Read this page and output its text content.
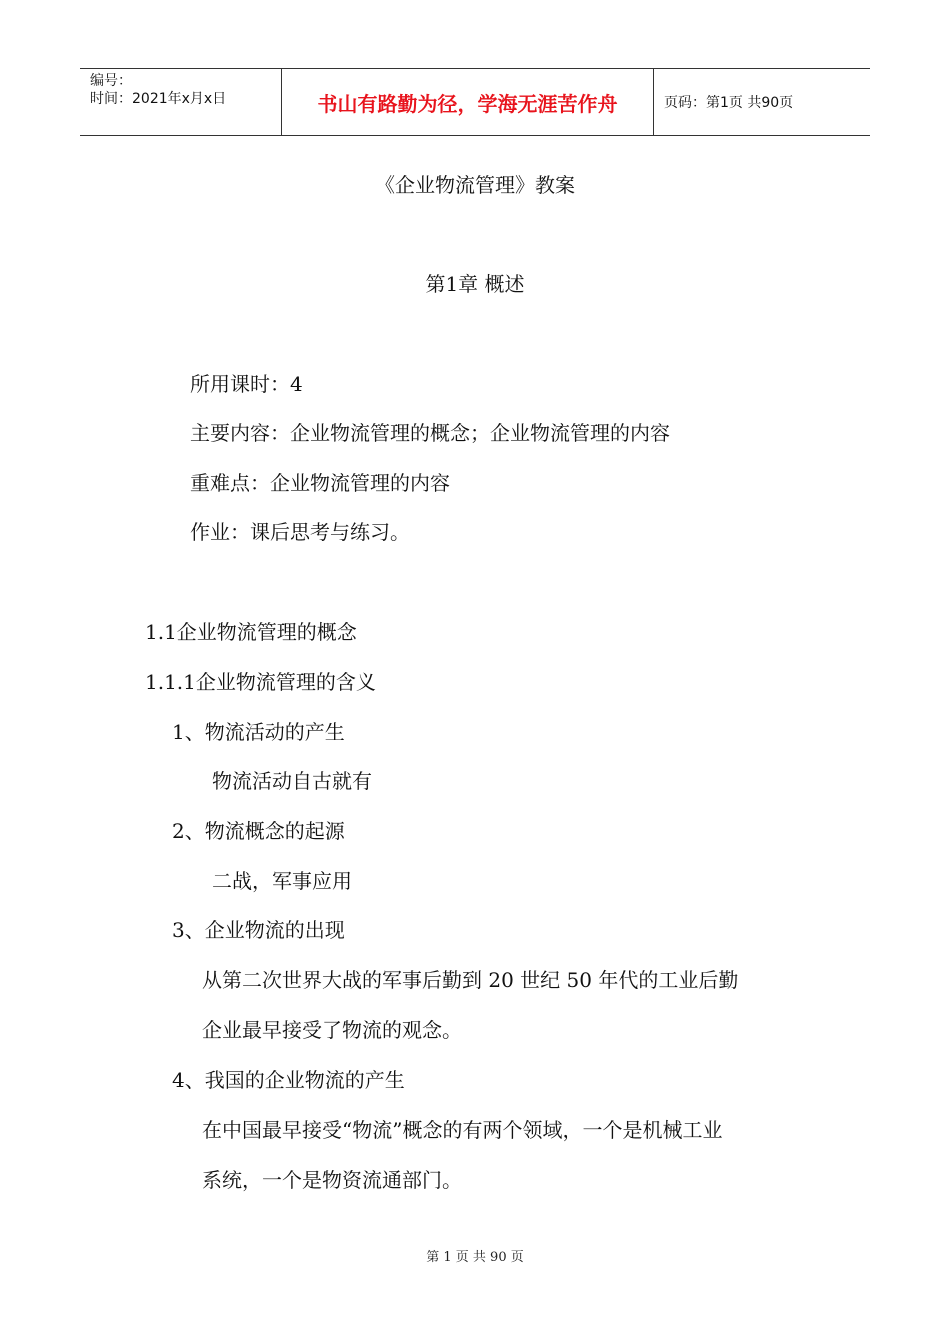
编号：
时间：2021年x月x日	书山有路勤为径，学海无涯苦作舟	页码：第1页 共90页
《企业物流管理》教案
第1章 概述
所用课时：4
主要内容：企业物流管理的概念；企业物流管理的内容
重难点：企业物流管理的内容
作业：课后思考与练习。
1.1企业物流管理的概念
1.1.1企业物流管理的含义
1、物流活动的产生
物流活动自古就有
2、物流概念的起源
二战，军事应用
3、企业物流的出现
从第二次世界大战的军事后勤到 20 世纪 50 年代的工业后勤
企业最早接受了物流的观念。
4、我国的企业物流的产生
在中国最早接受“物流”概念的有两个领域，一个是机械工业
系统，一个是物资流通部门。
第 1 页 共 90 页
